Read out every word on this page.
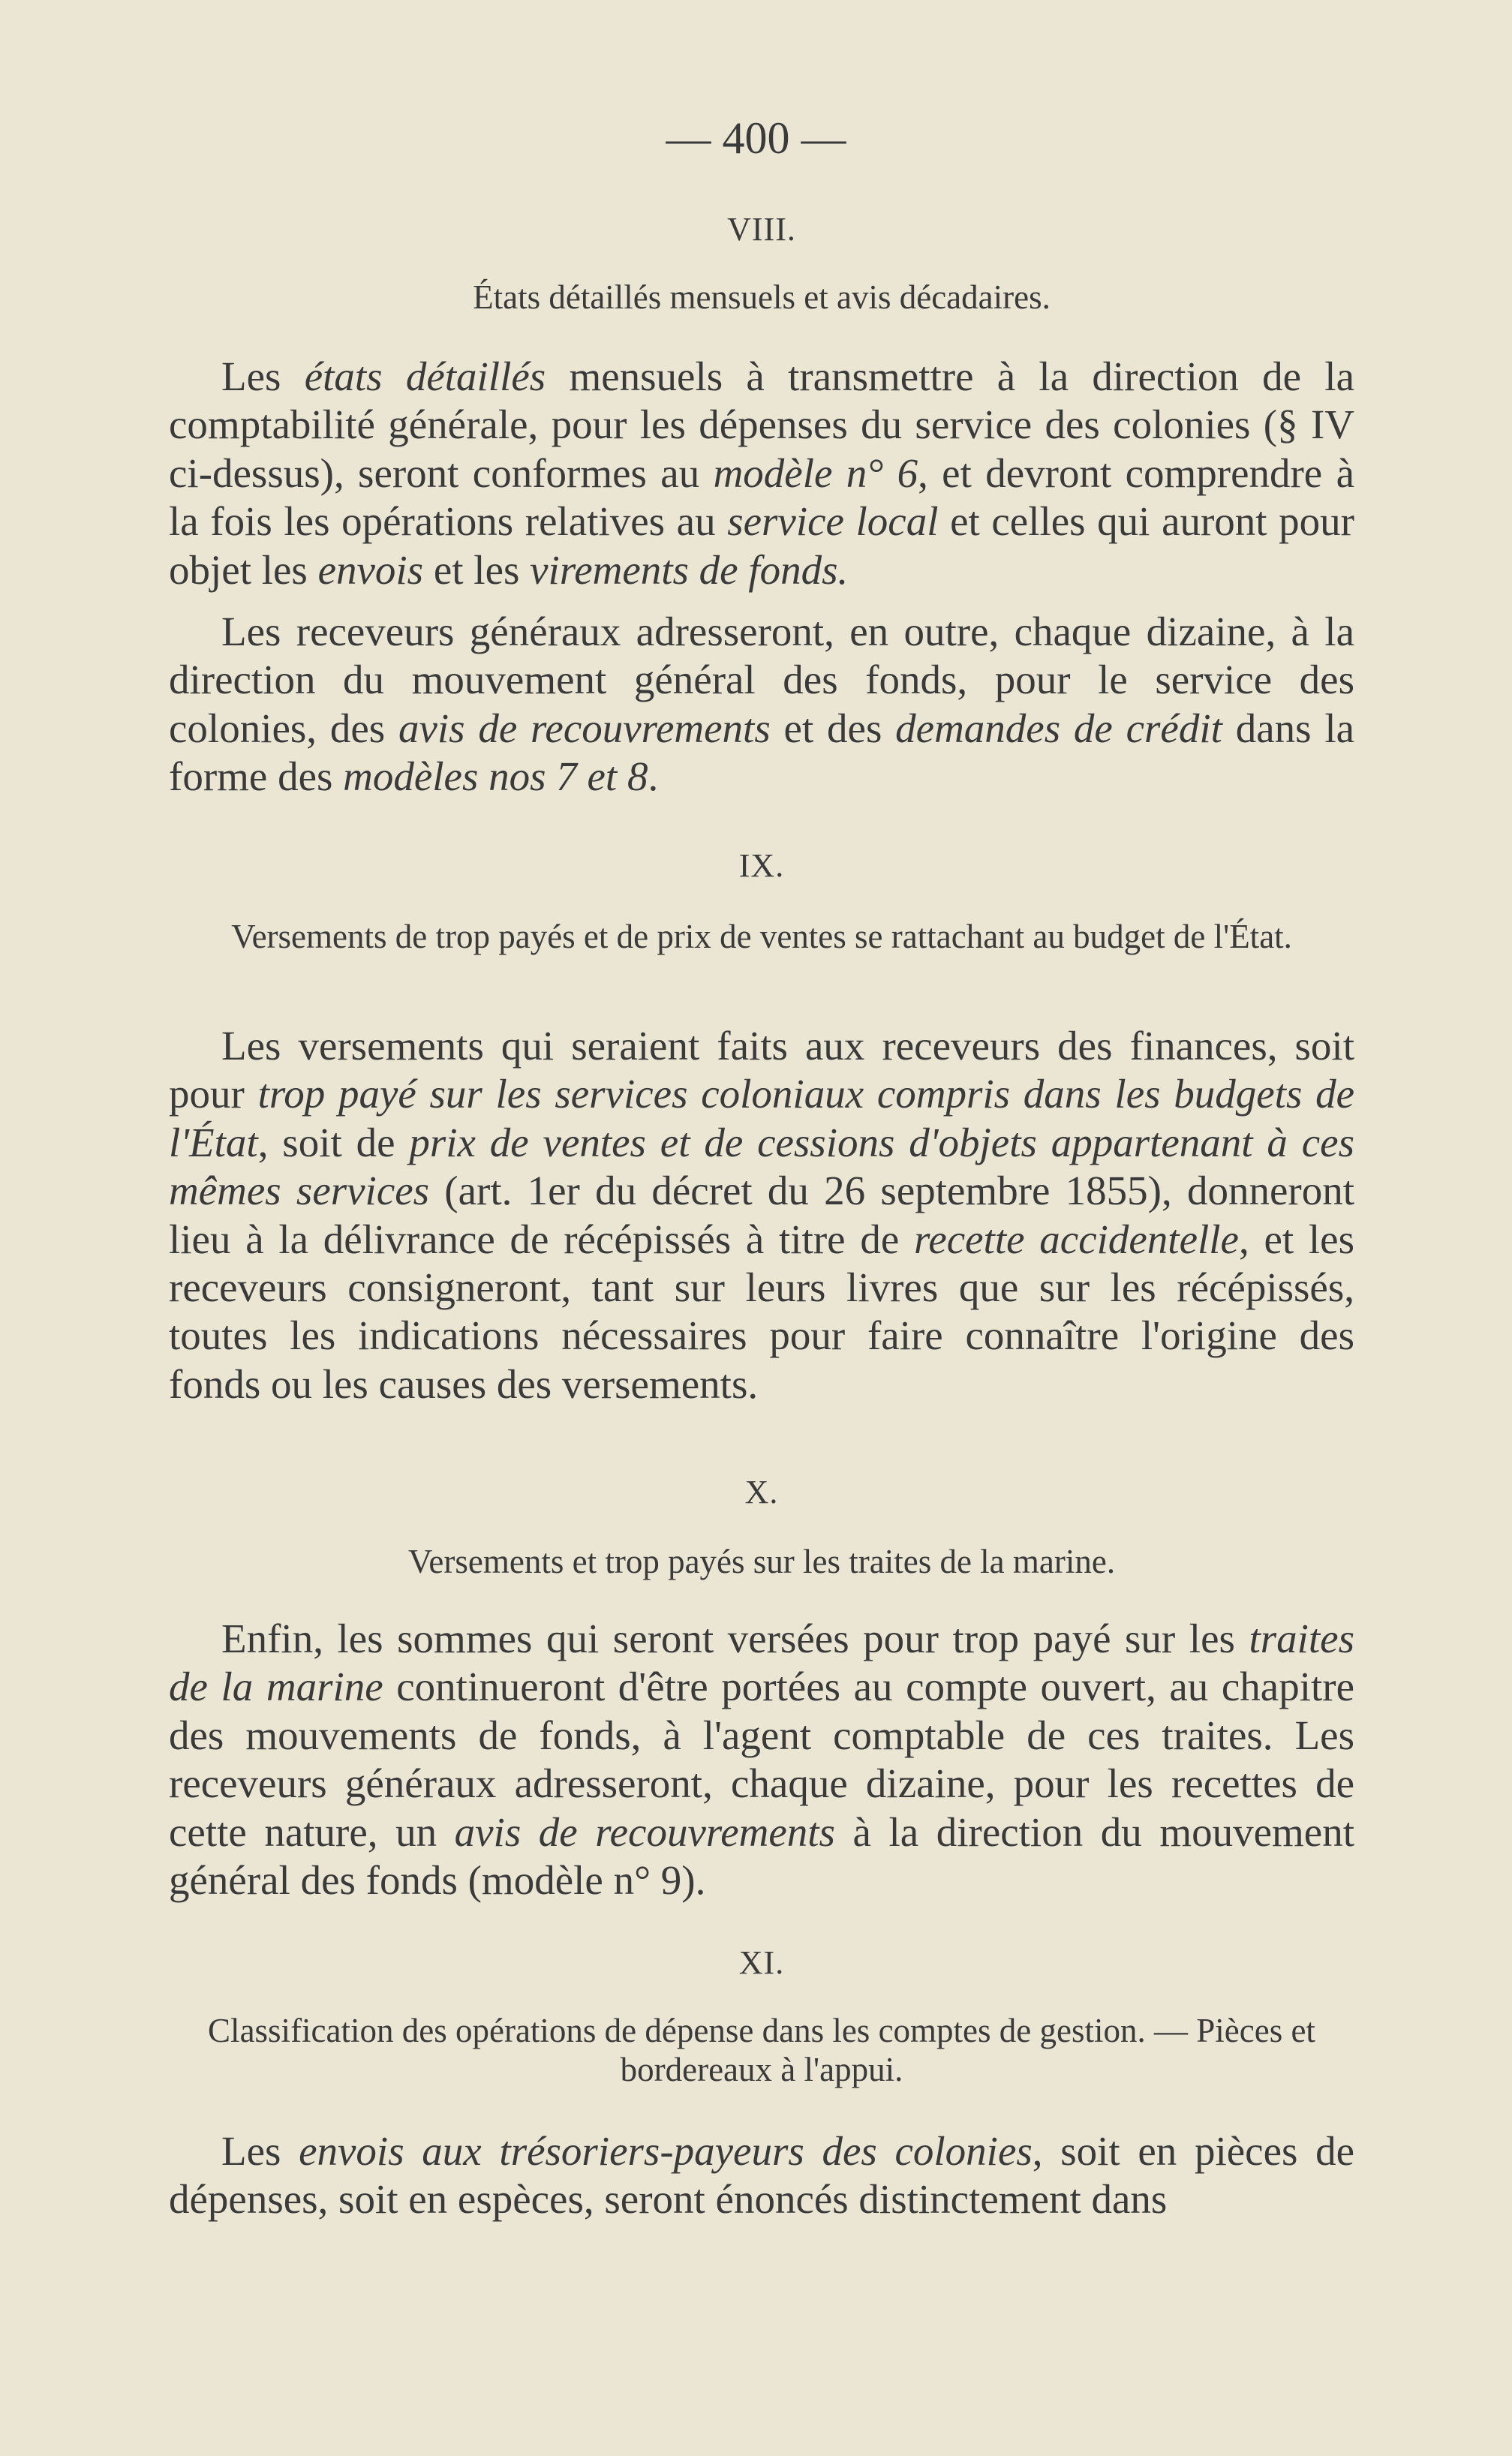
— 400 —
VIII.
États détaillés mensuels et avis décadaires.

Les états détaillés mensuels à transmettre à la direction de la comptabilité générale, pour les dépenses du service des colonies (§ IV ci-dessus), seront conformes au modèle n° 6, et devront comprendre à la fois les opérations relatives au service local et celles qui auront pour objet les envois et les virements de fonds.

Les receveurs généraux adresseront, en outre, chaque dizaine, à la direction du mouvement général des fonds, pour le service des colonies, des avis de recouvrements et des demandes de crédit dans la forme des modèles nos 7 et 8.

IX.
Versements de trop payés et de prix de ventes se rattachant au budget de l'État.

Les versements qui seraient faits aux receveurs des finances, soit pour trop payé sur les services coloniaux compris dans les budgets de l'État, soit de prix de ventes et de cessions d'objets appartenant à ces mêmes services (art. 1er du décret du 26 septembre 1855), donneront lieu à la délivrance de récépissés à titre de recette accidentelle, et les receveurs consigneront, tant sur leurs livres que sur les récépissés, toutes les indications nécessaires pour faire connaître l'origine des fonds ou les causes des versements.

X.
Versements et trop payés sur les traites de la marine.

Enfin, les sommes qui seront versées pour trop payé sur les traites de la marine continueront d'être portées au compte ouvert, au chapitre des mouvements de fonds, à l'agent comptable de ces traites. Les receveurs généraux adresseront, chaque dizaine, pour les recettes de cette nature, un avis de recouvrements à la direction du mouvement général des fonds (modèle n° 9).

XI.
Classification des opérations de dépense dans les comptes de gestion. — Pièces et bordereaux à l'appui.

Les envois aux trésoriers-payeurs des colonies, soit en pièces de dépenses, soit en espèces, seront énoncés distinctement dans
